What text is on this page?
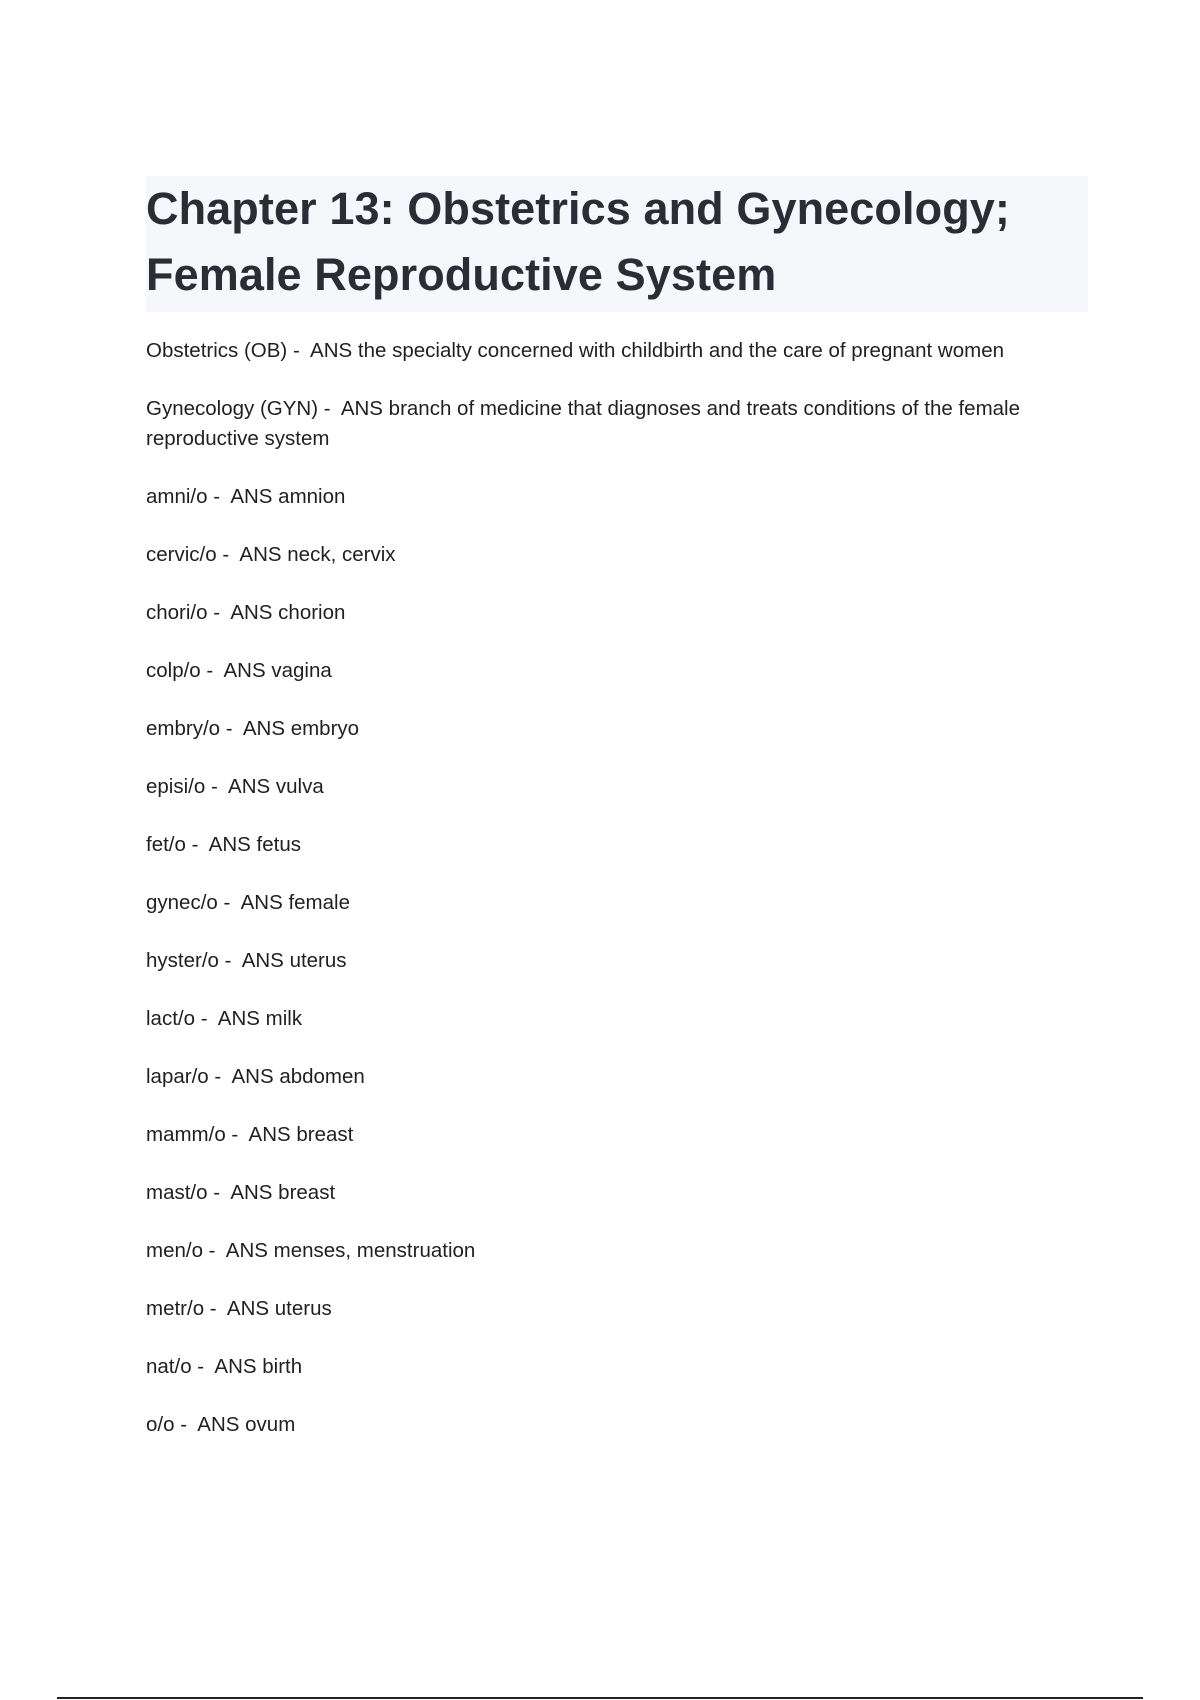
Chapter 13: Obstetrics and Gynecology;
Female Reproductive System
Obstetrics (OB) -  ANS the specialty concerned with childbirth and the care of pregnant women
Gynecology (GYN) -  ANS branch of medicine that diagnoses and treats conditions of the female reproductive system
amni/o -  ANS amnion
cervic/o -  ANS neck, cervix
chori/o -  ANS chorion
colp/o -  ANS vagina
embry/o -  ANS embryo
episi/o -  ANS vulva
fet/o -  ANS fetus
gynec/o -  ANS female
hyster/o -  ANS uterus
lact/o -  ANS milk
lapar/o -  ANS abdomen
mamm/o -  ANS breast
mast/o -  ANS breast
men/o -  ANS menses, menstruation
metr/o -  ANS uterus
nat/o -  ANS birth
o/o -  ANS ovum
